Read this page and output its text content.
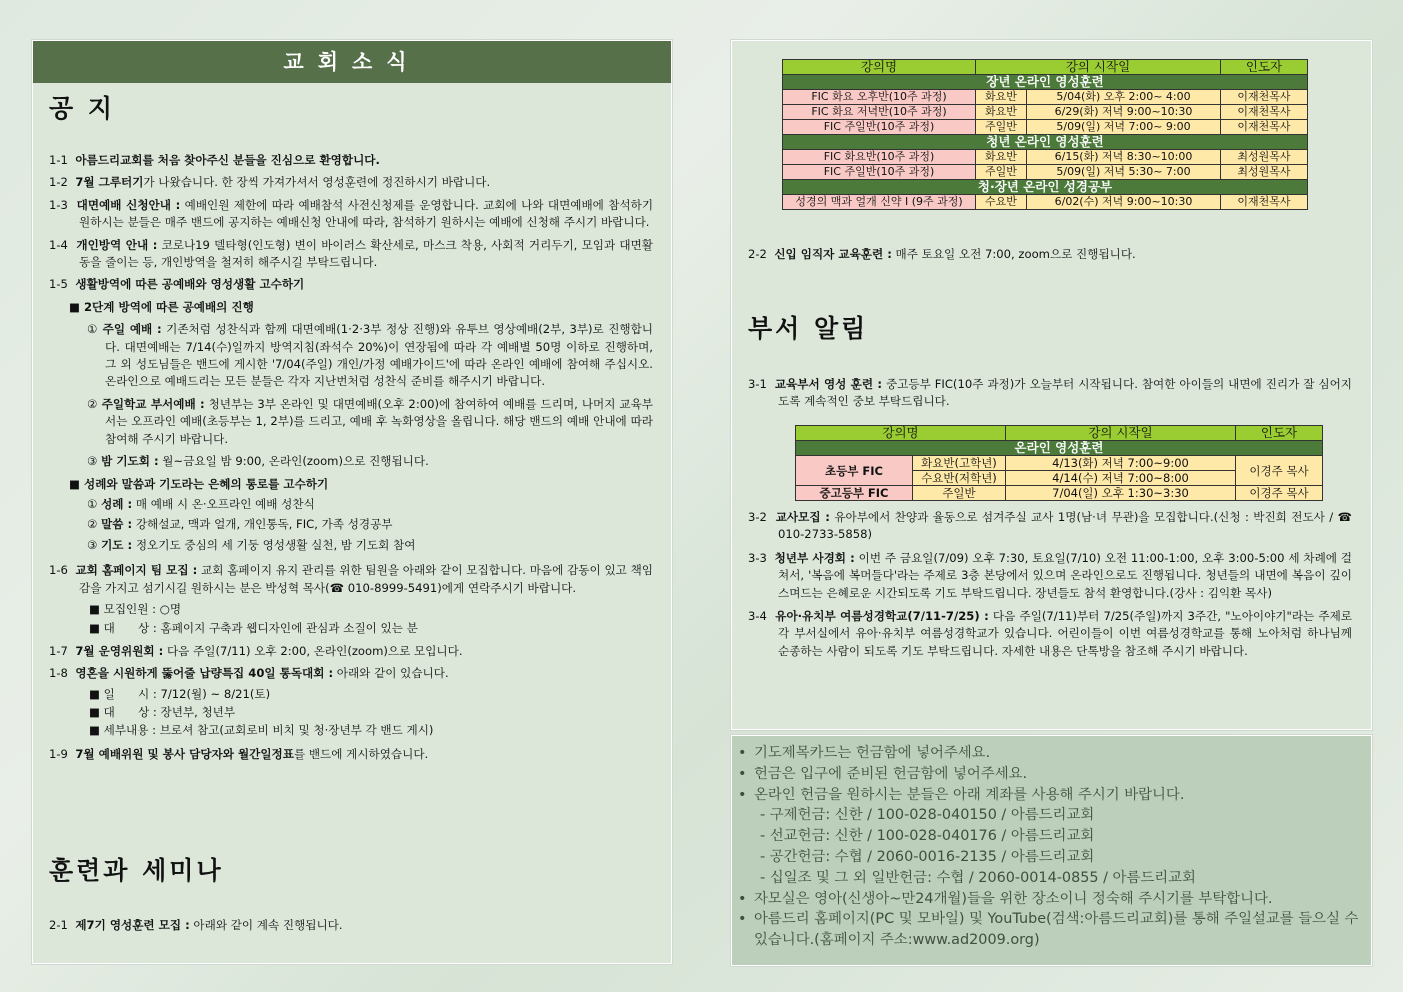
교회소식
공 지
1-1 아름드리교회를 처음 찾아주신 분들을 진심으로 환영합니다.
1-2 7월 그루터기가 나왔습니다. 한 장씩 가져가셔서 영성훈련에 정진하시기 바랍니다.
1-3 대면예배 신청안내 : 예배인원 제한에 따라 예배참석 사전신청제를 운영합니다. 교회에 나와 대면예배에 참석하기 원하시는 분들은 매주 밴드에 공지하는 예배신청 안내에 따라, 참석하기 원하시는 예배에 신청해 주시기 바랍니다.
1-4 개인방역 안내 : 코로나19 델타형(인도형) 변이 바이러스 확산세로, 마스크 착용, 사회적 거리두기, 모임과 대면활동을 줄이는 등, 개인방역을 철저히 해주시길 부탁드립니다.
1-5 생활방역에 따른 공예배와 영성생활 고수하기
■ 2단계 방역에 따른 공예배의 진행
① 주일 예배 : 기존처럼 성찬식과 함께 대면예배(1·2·3부 정상 진행)와 유투브 영상예배(2부, 3부)로 진행합니다. 대면예배는 7/14(수)일까지 방역지침(좌석수 20%)이 연장됨에 따라 각 예배별 50명 이하로 진행하며, 그 외 성도님들은 밴드에 게시한 '7/04(주일) 개인/가정 예배가이드'에 따라 온라인 예배에 참여해 주십시오. 온라인으로 예배드리는 모든 분들은 각자 지난번처럼 성찬식 준비를 해주시기 바랍니다.
② 주일학교 부서예배 : 청년부는 3부 온라인 및 대면예배(오후 2:00)에 참여하여 예배를 드리며, 나머지 교육부서는 오프라인 예배(초등부는 1, 2부)를 드리고, 예배 후 녹화영상을 올립니다. 해당 밴드의 예배 안내에 따라 참여해 주시기 바랍니다.
③ 밤 기도회 : 월~금요일 밤 9:00, 온라인(zoom)으로 진행됩니다.
■ 성례와 말씀과 기도라는 은혜의 통로를 고수하기
① 성례 : 매 예배 시 온·오프라인 예배 성찬식
② 말씀 : 강해설교, 맥과 얼개, 개인통독, FIC, 가족 성경공부
③ 기도 : 정오기도 중심의 세 기둥 영성생활 실천, 밤 기도회 참여
1-6 교회 홈페이지 팀 모집 : 교회 홈페이지 유지 관리를 위한 팀원을 아래와 같이 모집합니다. 마음에 감동이 있고 책임감을 가지고 섬기시길 원하시는 분은 박성혁 목사(☎ 010-8999-5491)에게 연락주시기 바랍니다.
■ 모집인원 : ○명
■ 대　　상 : 홈페이지 구축과 웹디자인에 관심과 소질이 있는 분
1-7 7월 운영위원회 : 다음 주일(7/11) 오후 2:00, 온라인(zoom)으로 모입니다.
1-8 영혼을 시원하게 뚫어줄 납량특집 40일 통독대회 : 아래와 같이 있습니다.
■ 일　　시 : 7/12(월) ~ 8/21(토)
■ 대　　상 : 장년부, 청년부
■ 세부내용 : 브로셔 참고(교회로비 비치 및 청·장년부 각 밴드 게시)
1-9 7월 예배위원 및 봉사 담당자와 월간일정표를 밴드에 게시하였습니다.
훈련과 세미나
2-1 제7기 영성훈련 모집 : 아래와 같이 계속 진행됩니다.
강의명	강의 시작일		인도자
장년 온라인 영성훈련			
FIC 화요 오후반(10주 과정)	화요반	5/04(화) 오후 2:00~ 4:00	이재천목사
FIC 화요 저녁반(10주 과정)	화요반	6/29(화) 저녁 9:00~10:30	이재천목사
FIC 주일반(10주 과정)	주일반	5/09(일) 저녁 7:00~ 9:00	이재천목사
청년 온라인 영성훈련			
FIC 화요반(10주 과정)	화요반	6/15(화) 저녁 8:30~10:00	최성원목사
FIC 주일반(10주 과정)	주일반	5/09(일) 저녁 5:30~ 7:00	최성원목사
청·장년 온라인 성경공부			
성경의 맥과 얼개 신약 I (9주 과정)	수요반	6/02(수) 저녁 9:00~10:30	이재천목사
2-2 신입 임직자 교육훈련 : 매주 토요일 오전 7:00, zoom으로 진행됩니다.
부서 알림
3-1 교육부서 영성 훈련 : 중고등부 FIC(10주 과정)가 오늘부터 시작됩니다. 참여한 아이들의 내면에 진리가 잘 심어지도록 계속적인 중보 부탁드립니다.
강의명		강의 시작일	인도자
온라인 영성훈련			
초등부 FIC	화요반(고학년)	4/13(화) 저녁 7:00~9:00	이경주 목사
	수요반(저학년)	4/14(수) 저녁 7:00~8:00	
중고등부 FIC	주일반	7/04(일) 오후 1:30~3:30	이경주 목사
3-2 교사모집 : 유아부에서 찬양과 율동으로 섬겨주실 교사 1명(남·녀 무관)을 모집합니다.(신청 : 박진희 전도사 / ☎ 010-2733-5858)
3-3 청년부 사경회 : 이번 주 금요일(7/09) 오후 7:30, 토요일(7/10) 오전 11:00-1:00, 오후 3:00-5:00 세 차례에 걸쳐서, '복음에 복머들다'라는 주제로 3층 본당에서 있으며 온라인으로도 진행됩니다. 청년들의 내면에 복음이 깊이 스며드는 은혜로운 시간되도록 기도 부탁드립니다. 장년들도 참석 환영합니다.(강사 : 김익환 목사)
3-4 유아·유치부 여름성경학교(7/11-7/25) : 다음 주일(7/11)부터 7/25(주일)까지 3주간, "노아이야기"라는 주제로 각 부서실에서 유아·유치부 여름성경학교가 있습니다. 어린이들이 이번 여름성경학교를 통해 노아처럼 하나님께 순종하는 사람이 되도록 기도 부탁드립니다. 자세한 내용은 단톡방을 참조해 주시기 바랍니다.
• 기도제목카드는 헌금함에 넣어주세요.
• 헌금은 입구에 준비된 헌금함에 넣어주세요.
• 온라인 헌금을 원하시는 분들은 아래 계좌를 사용해 주시기 바랍니다.
- 구제헌금: 신한 / 100-028-040150 / 아름드리교회
- 선교헌금: 신한 / 100-028-040176 / 아름드리교회
- 공간헌금: 수협 / 2060-0016-2135 / 아름드리교회
- 십일조 및 그 외 일반헌금: 수협 / 2060-0014-0855 / 아름드리교회
• 자모실은 영아(신생아~만24개월)들을 위한 장소이니 정숙해 주시기를 부탁합니다.
• 아름드리 홈페이지(PC 및 모바일) 및 YouTube(검색:아름드리교회)를 통해 주일설교를 들으실 수 있습니다.(홈페이지 주소:www.ad2009.org)
